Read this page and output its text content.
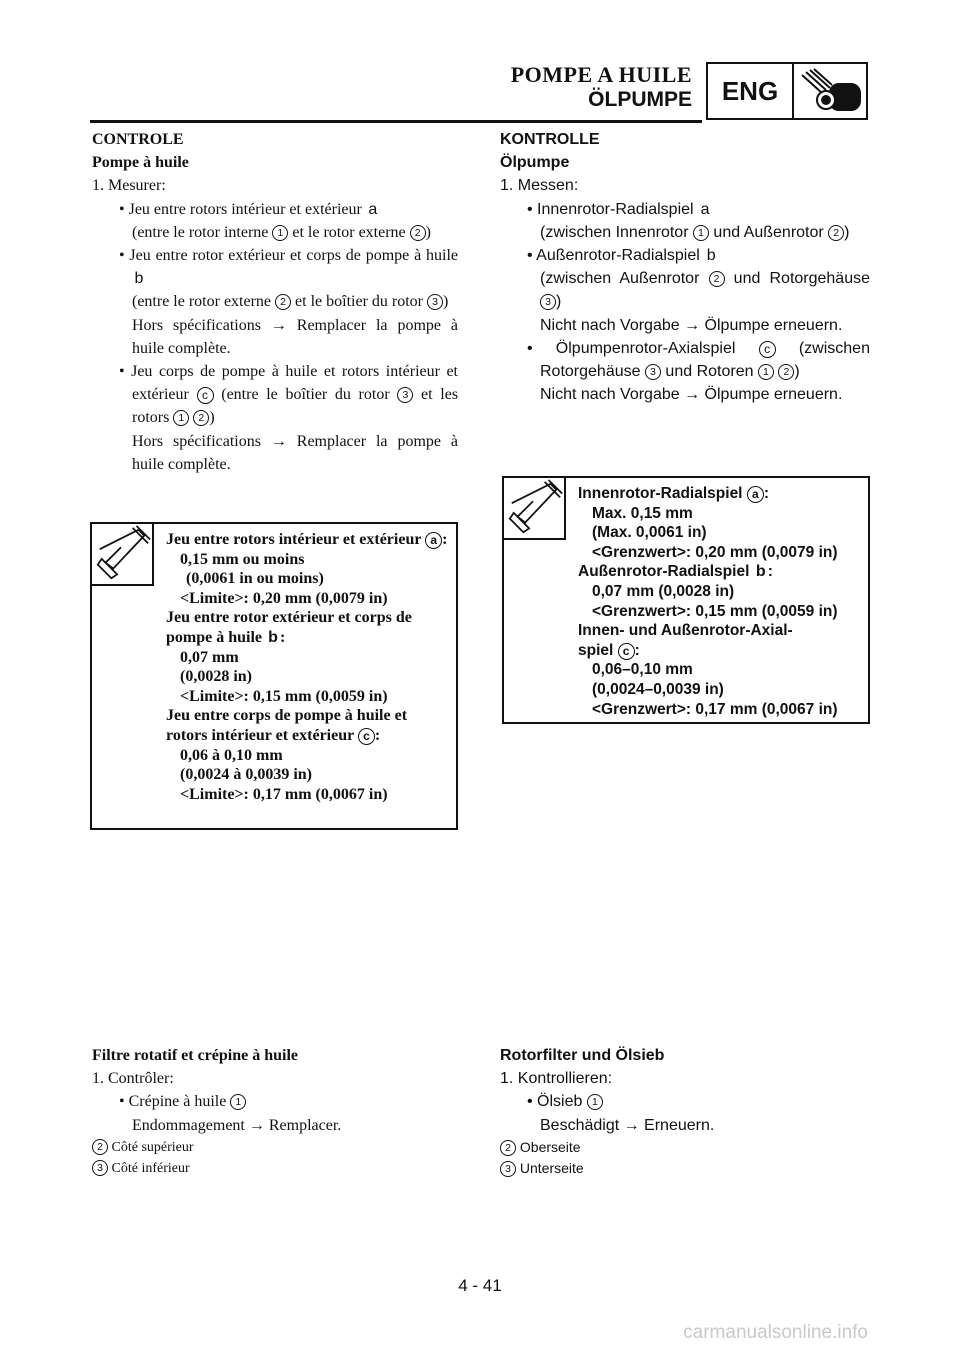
POMPE A HUILE
ÖLPUMPE	ENG

CONTROLE

Pompe à huile

1. Mesurer:

• Jeu entre rotors intérieur et extérieur a

(entre le rotor interne 1 et le rotor externe 2 )

• Jeu entre rotor extérieur et corps de pompe à huile b

(entre le rotor externe 2 et le boîtier du rotor 3 )

Hors spécifications → Remplacer la pompe à huile complète.

• Jeu corps de pompe à huile et rotors intérieur et extérieur c (entre le boîtier du rotor 3 et les rotors 1 2 )

Hors spécifications → Remplacer la pompe à huile complète.

Jeu entre rotors intérieur et extérieur a :
0,15 mm ou moins
(0,0061 in ou moins)
<Limite>: 0,20 mm (0,0079 in)
Jeu entre rotor extérieur et corps de pompe à huile b :
0,07 mm
(0,0028 in)
<Limite>: 0,15 mm (0,0059 in)
Jeu entre corps de pompe à huile et rotors intérieur et extérieur c :
0,06 à 0,10 mm
(0,0024 à 0,0039 in)
<Limite>: 0,17 mm (0,0067 in)

KONTROLLE

Ölpumpe

1. Messen:

• Innenrotor-Radialspiel a

(zwischen Innenrotor 1 und Außenrotor 2 )

• Außenrotor-Radialspiel b

(zwischen Außenrotor 2 und Rotorgehäuse 3 )

Nicht nach Vorgabe → Ölpumpe erneuern.

• Ölpumpenrotor-Axialspiel c (zwischen Rotorgehäuse 3 und Rotoren 1 2 )

Nicht nach Vorgabe → Ölpumpe erneuern.

Innenrotor-Radialspiel a :
Max. 0,15 mm
(Max. 0,0061 in)
<Grenzwert>: 0,20 mm (0,0079 in)
Außenrotor-Radialspiel b :
0,07 mm (0,0028 in)
<Grenzwert>: 0,15 mm (0,0059 in)
Innen- und Außenrotor-Axial-
spiel c :
0,06–0,10 mm
(0,0024–0,0039 in)
<Grenzwert>: 0,17 mm (0,0067 in)

Filtre rotatif et crépine à huile

1. Contrôler:

• Crépine à huile 1

Endommagement → Remplacer.

2 Côté supérieur

3 Côté inférieur

Rotorfilter und Ölsieb

1. Kontrollieren:

• Ölsieb 1

Beschädigt → Erneuern.

2 Oberseite

3 Unterseite

4 - 41
carmanualsonline.info
